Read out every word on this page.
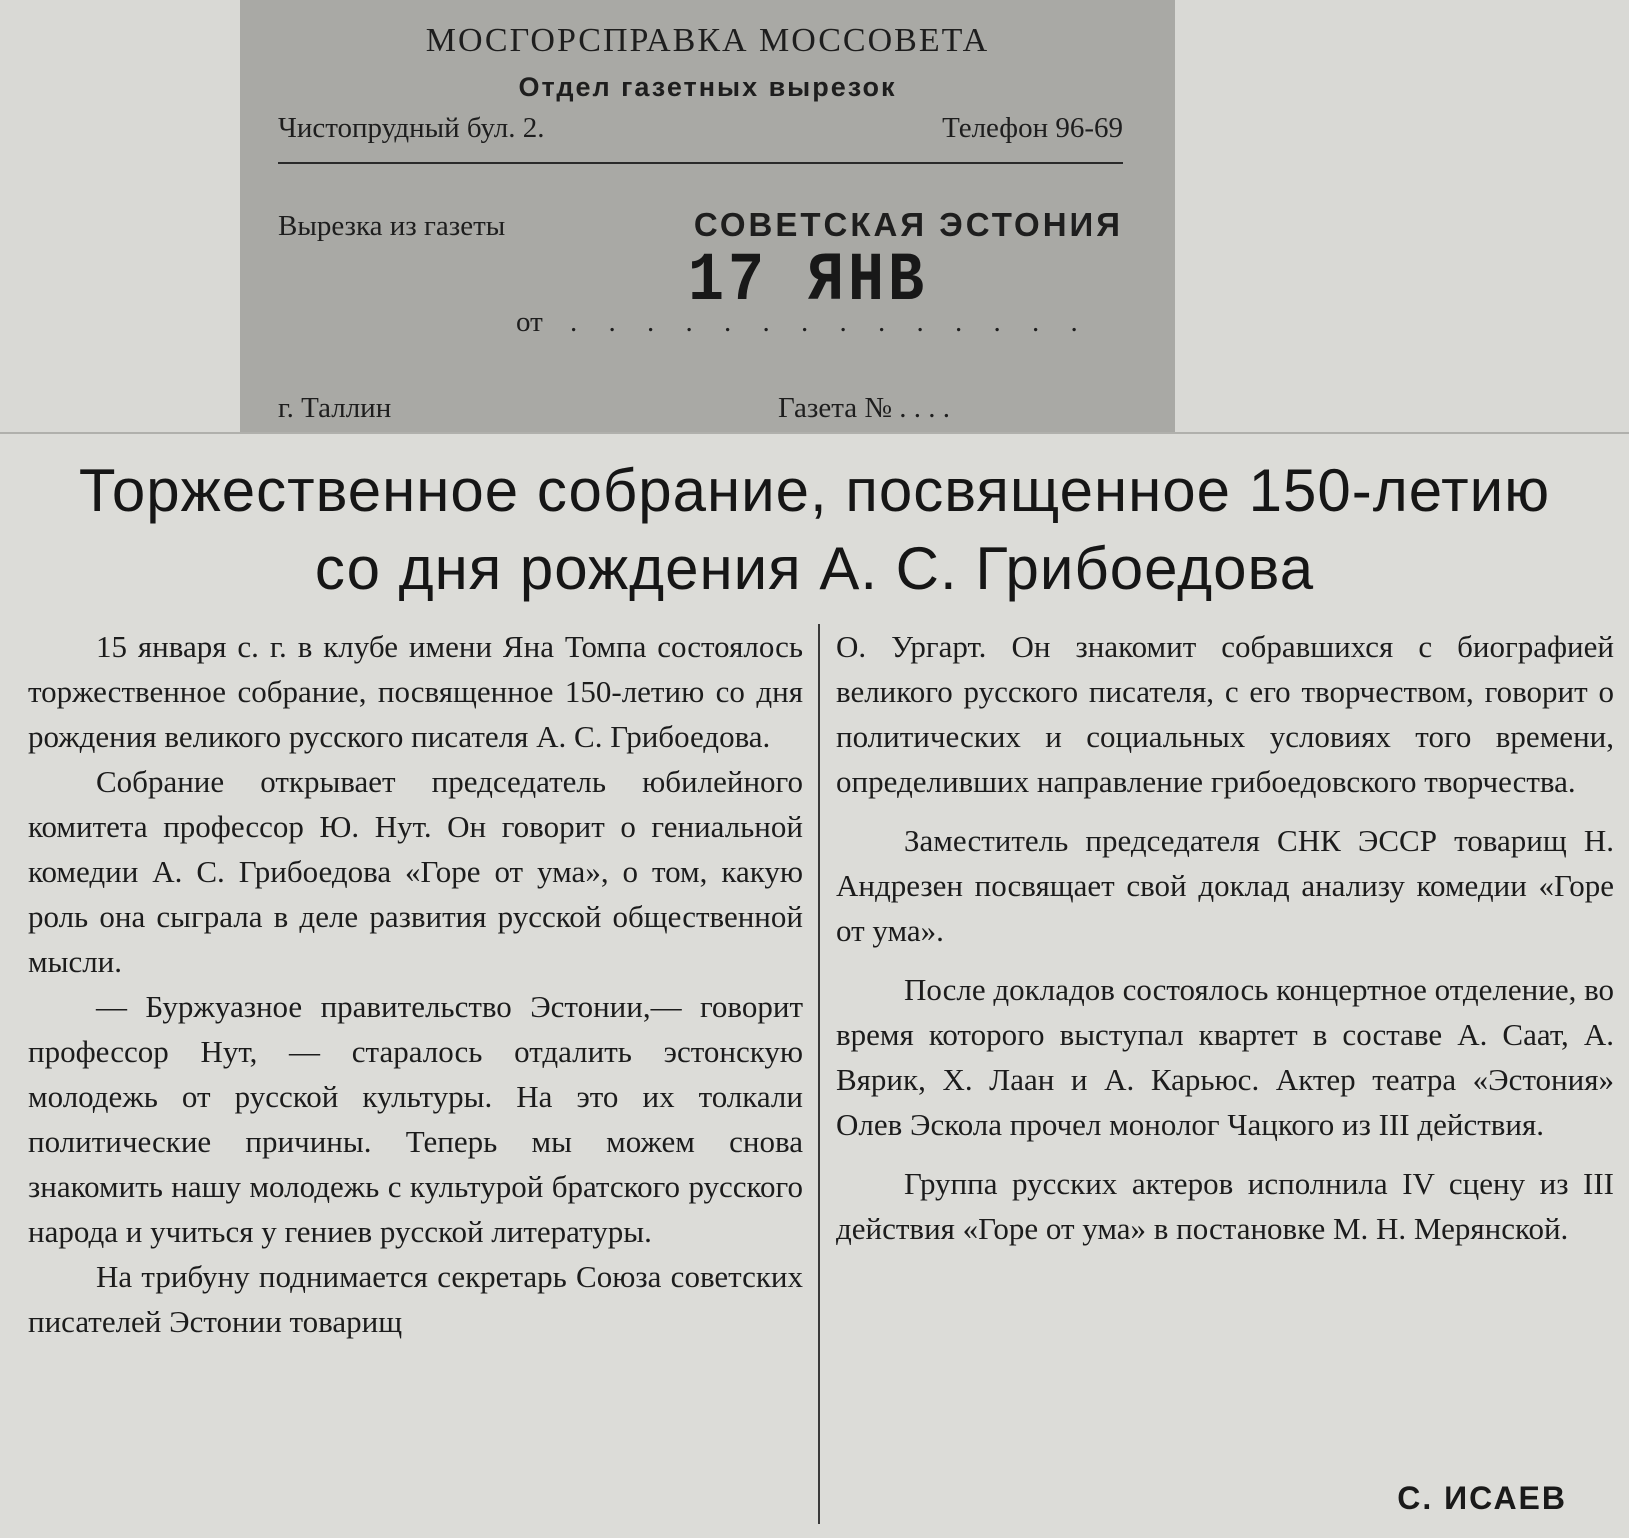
МОСГОРСПРАВКА МОССОВЕТА
Отдел газетных вырезок
Чистопрудный бул. 2.	Телефон 96-69
Вырезка из газеты	СОВЕТСКАЯ ЭСТОНИЯ
17 ЯНВ
от . . . . . . . . . . . . . .
г. Таллин	Газета № . . . .
Торжественное собрание, посвященное 150-летию
со дня рождения А. С. Грибоедова

15 января с. г. в клубе имени Яна Томпа состоялось торжественное собрание, посвященное 150-летию со дня рождения великого русского писателя А. С. Грибоедова.

Собрание открывает председатель юбилейного комитета профессор Ю. Нут. Он говорит о гениальной комедии А. С. Грибоедова «Горе от ума», о том, какую роль она сыграла в деле развития русской общественной мысли.

— Буржуазное правительство Эстонии,— говорит профессор Нут, — старалось отдалить эстонскую молодежь от русской культуры. На это их толкали политические причины. Теперь мы можем снова знакомить нашу молодежь с культурой братского русского народа и учиться у гениев русской литературы.

На трибуну поднимается секретарь Союза советских писателей Эстонии товарищ

О. Ургарт. Он знакомит собравшихся с биографией великого русского писателя, с его творчеством, говорит о политических и социальных условиях того времени, определивших направление грибоедовского творчества.

Заместитель председателя СНК ЭССР товарищ Н. Андрезен посвящает свой доклад анализу комедии «Горе от ума».

После докладов состоялось концертное отделение, во время которого выступал квартет в составе А. Саат, А. Вярик, Х. Лаан и А. Карьюс. Актер театра «Эстония» Олев Эскола прочел монолог Чацкого из III действия.

Группа русских актеров исполнила IV сцену из III действия «Горе от ума» в постановке М. Н. Мерянской.

С. ИСАЕВ
